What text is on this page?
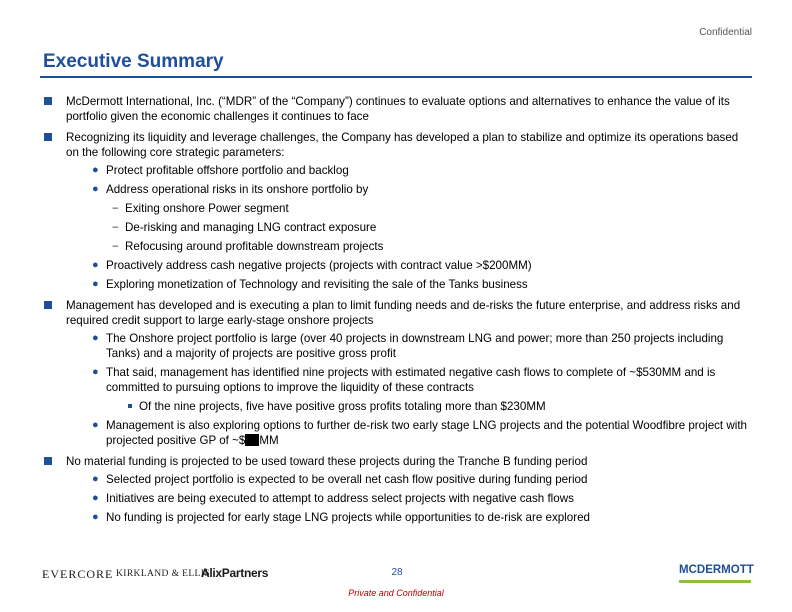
Confidential
Executive Summary
McDermott International, Inc. (“MDR” of the “Company”) continues to evaluate options and alternatives to enhance the value of its portfolio given the economic challenges it continues to face
Recognizing its liquidity and leverage challenges, the Company has developed a plan to stabilize and optimize its operations based on the following core strategic parameters:
● Protect profitable offshore portfolio and backlog
● Address operational risks in its onshore portfolio by
− Exiting onshore Power segment
− De-risking and managing LNG contract exposure
− Refocusing around profitable downstream projects
● Proactively address cash negative projects (projects with contract value >$200MM)
● Exploring monetization of Technology and revisiting the sale of the Tanks business
Management has developed and is executing a plan to limit funding needs and de-risks the future enterprise, and address risks and required credit support to large early-stage onshore projects
● The Onshore project portfolio is large (over 40 projects in downstream LNG and power; more than 250 projects including Tanks) and a majority of projects are positive gross profit
● That said, management has identified nine projects with estimated negative cash flows to complete of ~$530MM and is committed to pursuing options to improve the liquidity of these contracts
Of the nine projects, five have positive gross profits totaling more than $230MM
● Management is also exploring options to further de-risk two early stage LNG projects and the potential Woodfibre project with projected positive GP of ~$ MM
No material funding is projected to be used toward these projects during the Tranche B funding period
● Selected project portfolio is expected to be overall net cash flow positive during funding period
● Initiatives are being executed to attempt to address select projects with negative cash flows
● No funding is projected for early stage LNG projects while opportunities to de-risk are explored
EVERCORE KIRKLAND & ELLIS
AlixPartners	28	MCDERMOTT
Private and Confidential
